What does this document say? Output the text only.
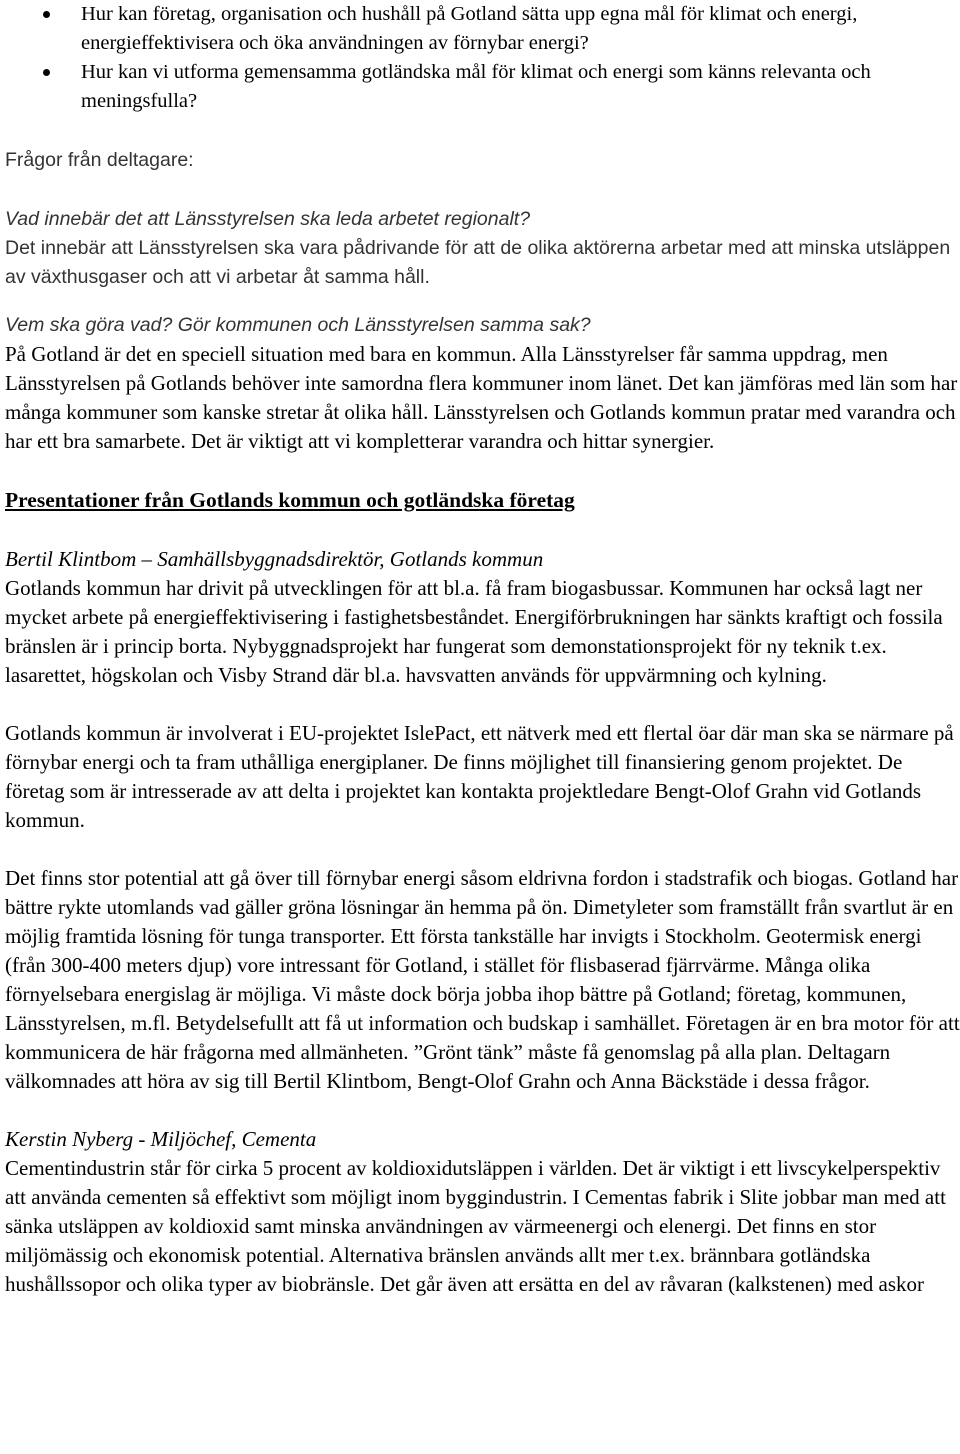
Hur kan företag, organisation och hushåll på Gotland sätta upp egna mål för klimat och energi, energieffektivisera och öka användningen av förnybar energi?
Hur kan vi utforma gemensamma gotländska mål för klimat och energi som känns relevanta och meningsfulla?

Frågor från deltagare:

Vad innebär det att Länsstyrelsen ska leda arbetet regionalt?

Det innebär att Länsstyrelsen ska vara pådrivande för att de olika aktörerna arbetar med att minska utsläppen av växthusgaser och att vi arbetar åt samma håll.

Vem ska göra vad? Gör kommunen och Länsstyrelsen samma sak?

På Gotland är det en speciell situation med bara en kommun. Alla Länsstyrelser får samma uppdrag, men Länsstyrelsen på Gotlands behöver inte samordna flera kommuner inom länet. Det kan jämföras med län som har många kommuner som kanske stretar åt olika håll. Länsstyrelsen och Gotlands kommun pratar med varandra och har ett bra samarbete. Det är viktigt att vi kompletterar varandra och hittar synergier.

Presentationer från Gotlands kommun och gotländska företag

Bertil Klintbom – Samhällsbyggnadsdirektör, Gotlands kommun

Gotlands kommun har drivit på utvecklingen för att bl.a. få fram biogasbussar. Kommunen har också lagt ner mycket arbete på energieffektivisering i fastighetsbeståndet. Energiförbrukningen har sänkts kraftigt och fossila bränslen är i princip borta. Nybyggnadsprojekt har fungerat som demonstationsprojekt för ny teknik t.ex. lasarettet, högskolan och Visby Strand där bl.a. havsvatten används för uppvärmning och kylning.

Gotlands kommun är involverat i EU-projektet IslePact, ett nätverk med ett flertal öar där man ska se närmare på förnybar energi och ta fram uthålliga energiplaner. De finns möjlighet till finansiering genom projektet. De företag som är intresserade av att delta i projektet kan kontakta projektledare Bengt-Olof Grahn vid Gotlands kommun.

Det finns stor potential att gå över till förnybar energi såsom eldrivna fordon i stadstrafik och biogas. Gotland har bättre rykte utomlands vad gäller gröna lösningar än hemma på ön. Dimetyleter som framställt från svartlut är en möjlig framtida lösning för tunga transporter. Ett första tankställe har invigts i Stockholm. Geotermisk energi (från 300-400 meters djup) vore intressant för Gotland, i stället för flisbaserad fjärrvärme. Många olika förnyelsebara energislag är möjliga. Vi måste dock börja jobba ihop bättre på Gotland; företag, kommunen, Länsstyrelsen, m.fl. Betydelsefullt att få ut information och budskap i samhället. Företagen är en bra motor för att kommunicera de här frågorna med allmänheten. ”Grönt tänk” måste få genomslag på alla plan. Deltagarn välkomnades att höra av sig till Bertil Klintbom, Bengt-Olof Grahn och Anna Bäckstäde i dessa frågor.

Kerstin Nyberg - Miljöchef, Cementa

Cementindustrin står för cirka 5 procent av koldioxidutsläppen i världen. Det är viktigt i ett livscykelperspektiv att använda cementen så effektivt som möjligt inom byggindustrin. I Cementas fabrik i Slite jobbar man med att sänka utsläppen av koldioxid samt minska användningen av värmeenergi och elenergi. Det finns en stor miljömässig och ekonomisk potential. Alternativa bränslen används allt mer t.ex. brännbara gotländska hushållssopor och olika typer av biobränsle. Det går även att ersätta en del av råvaran (kalkstenen) med askor
